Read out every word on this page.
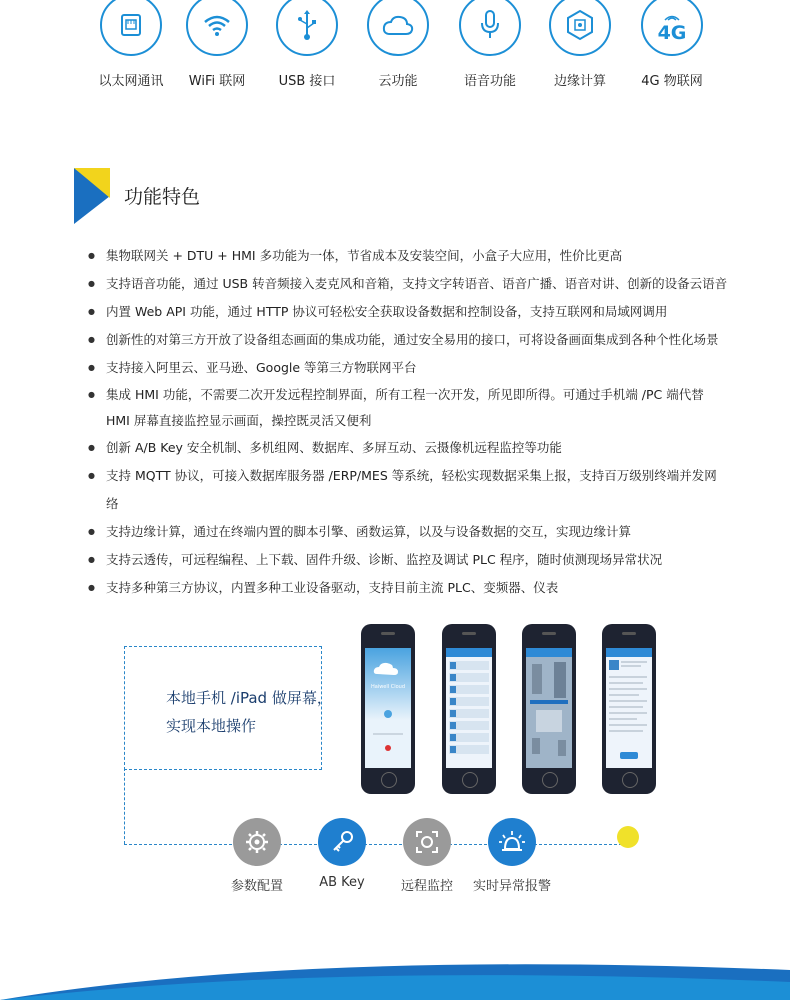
以太网通讯	WiFi 联网	USB 接口	云功能	语音功能	边缘计算
4G
4G 物联网
功能特色
● 集物联网关 + DTU + HMI 多功能为一体，节省成本及安装空间，小盒子大应用，性价比更高
● 支持语音功能，通过 USB 转音频接入麦克风和音箱，支持文字转语音、语音广播、语音对讲、创新的设备云语音
● 内置 Web API 功能，通过 HTTP 协议可轻松安全获取设备数据和控制设备，支持互联网和局域网调用
● 创新性的对第三方开放了设备组态画面的集成功能，通过安全易用的接口，可将设备画面集成到各种个性化场景
● 支持接入阿里云、亚马逊、Google 等第三方物联网平台
● 集成 HMI 功能，不需要二次开发远程控制界面，所有工程一次开发，所见即所得。可通过手机端 /PC 端代替 HMI 屏幕直接监控显示画面，操控既灵活又便利
● 创新 A/B Key 安全机制、多机组网、数据库、多屏互动、云摄像机远程监控等功能
● 支持 MQTT 协议，可接入数据库服务器 /ERP/MES 等系统，轻松实现数据采集上报，支持百万级别终端并发网络
● 支持边缘计算，通过在终端内置的脚本引擎、函数运算，以及与设备数据的交互，实现边缘计算
● 支持云透传，可远程编程、上下载、固件升级、诊断、监控及调试 PLC 程序，随时侦测现场异常状况
● 支持多种第三方协议，内置多种工业设备驱动，支持目前主流 PLC、变频器、仪表
本地手机 /iPad 做屏幕，
实现本地操作
Haiwell Cloud
参数配置	AB Key	远程监控	实时异常报警
